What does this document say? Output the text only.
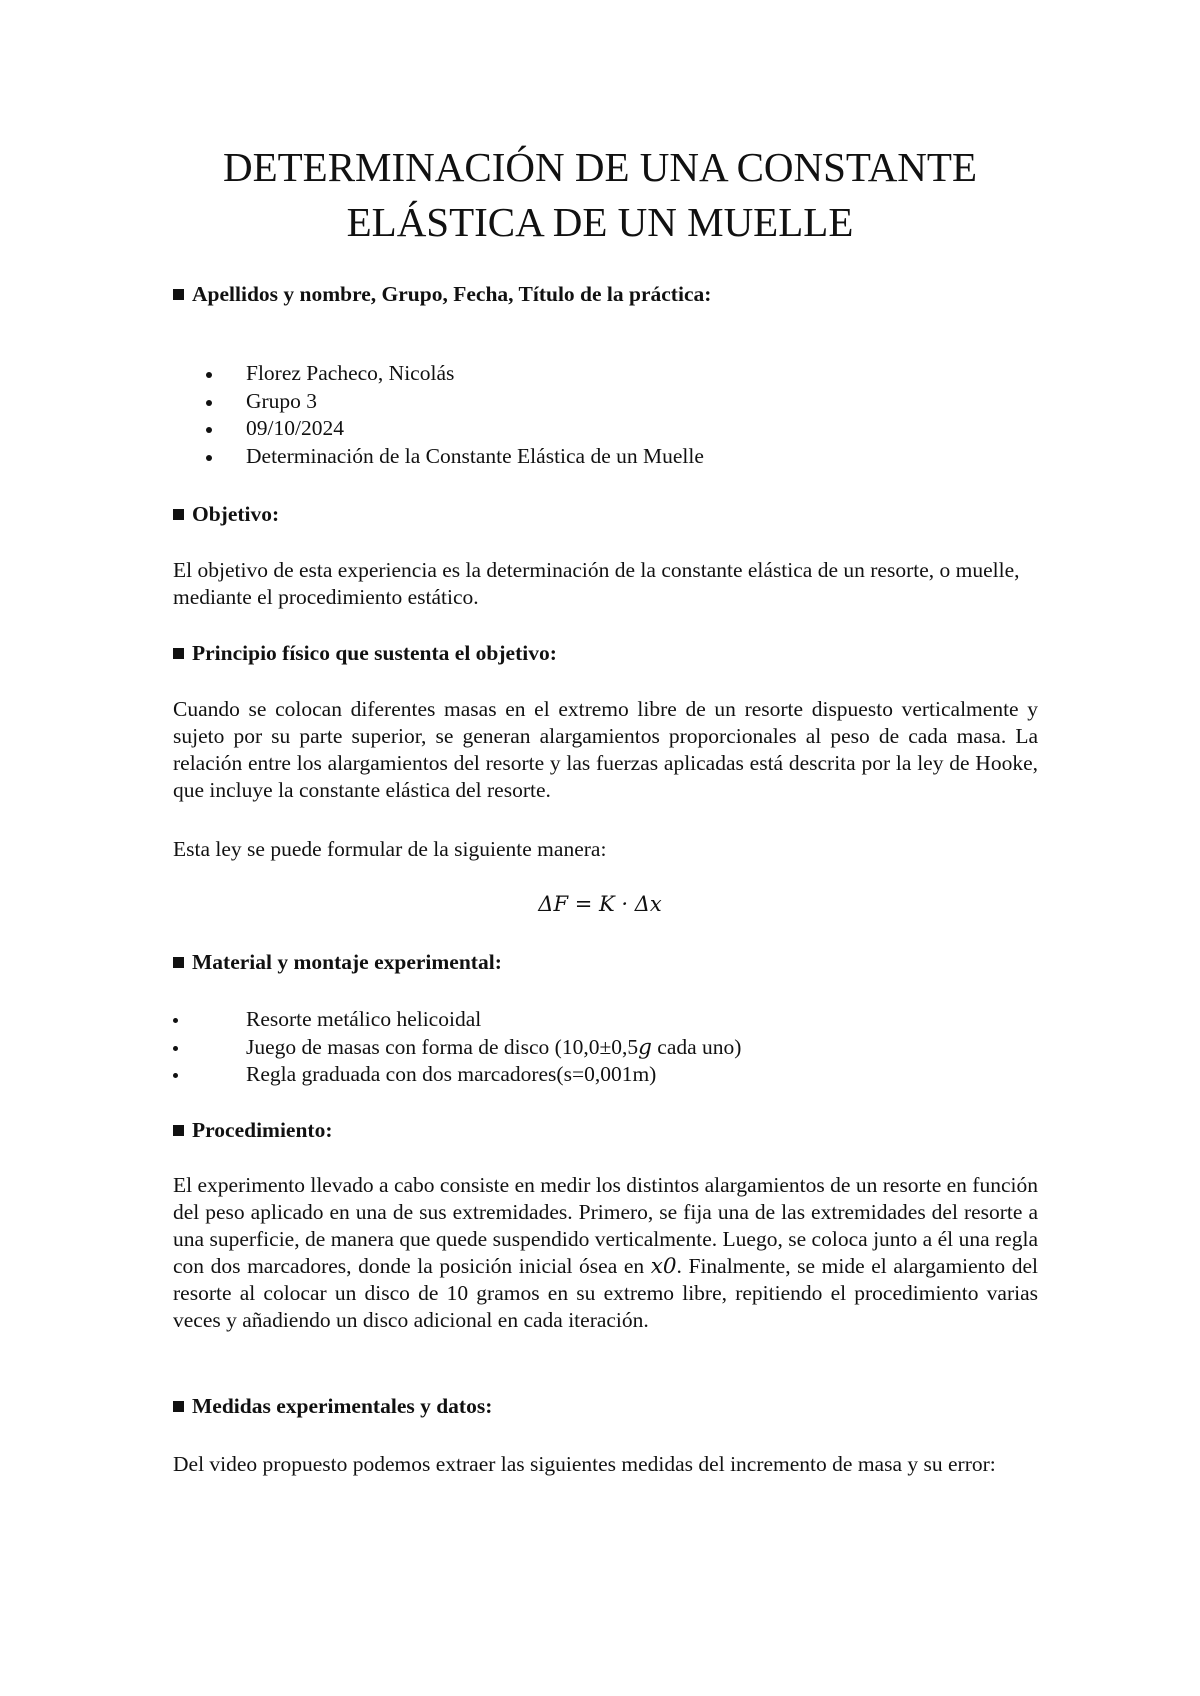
DETERMINACIÓN DE UNA CONSTANTE
ELÁSTICA DE UN MUELLE
Apellidos y nombre, Grupo, Fecha, Título de la práctica:
Florez Pacheco, Nicolás
Grupo 3
09/10/2024
Determinación de la Constante Elástica de un Muelle
Objetivo:

El objetivo de esta experiencia es la determinación de la constante elástica de un resorte, o muelle, mediante el procedimiento estático.

Principio físico que sustenta el objetivo:

Cuando se colocan diferentes masas en el extremo libre de un resorte dispuesto verticalmente y sujeto por su parte superior, se generan alargamientos proporcionales al peso de cada masa. La relación entre los alargamientos del resorte y las fuerzas aplicadas está descrita por la ley de Hooke, que incluye la constante elástica del resorte.

Esta ley se puede formular de la siguiente manera:

ΔF = K · Δx
Material y montaje experimental:
Resorte metálico helicoidal
Juego de masas con forma de disco (10,0±0,5g cada uno)
Regla graduada con dos marcadores(s=0,001m)
Procedimiento:

El experimento llevado a cabo consiste en medir los distintos alargamientos de un resorte en función del peso aplicado en una de sus extremidades. Primero, se fija una de las extremidades del resorte a una superficie, de manera que quede suspendido verticalmente. Luego, se coloca junto a él una regla con dos marcadores, donde la posición inicial ósea en x0. Finalmente, se mide el alargamiento del resorte al colocar un disco de 10 gramos en su extremo libre, repitiendo el procedimiento varias veces y añadiendo un disco adicional en cada iteración.

Medidas experimentales y datos:

Del video propuesto podemos extraer las siguientes medidas del incremento de masa y su error:
